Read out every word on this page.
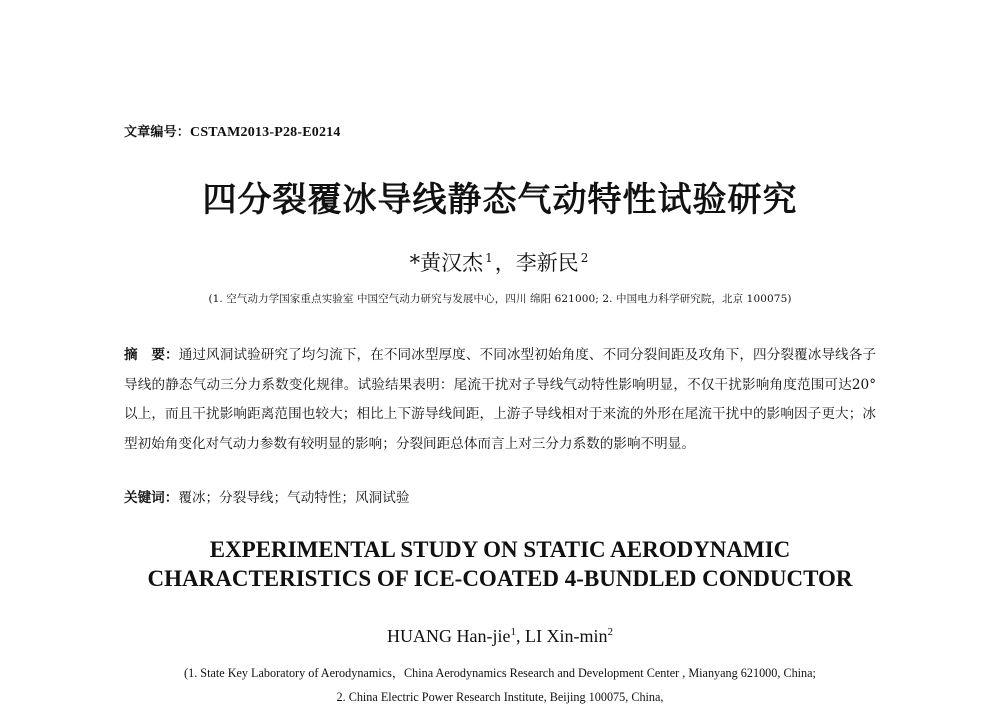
文章编号：CSTAM2013-P28-E0214
四分裂覆冰导线静态气动特性试验研究
*黄汉杰 $^1$，李新民 $^2$
(1. 空气动力学国家重点实验室 中国空气动力研究与发展中心，四川 绵阳 621000; 2. 中国电力科学研究院，北京 100075)
摘　要：通过风洞试验研究了均匀流下，在不同冰型厚度、不同冰型初始角度、不同分裂间距及攻角下，四分裂覆冰导线各子导线的静态气动三分力系数变化规律。试验结果表明：尾流干扰对子导线气动特性影响明显，不仅干扰影响角度范围可达20°以上，而且干扰影响距离范围也较大；相比上下游导线间距，上游子导线相对于来流的外形在尾流干扰中的影响因子更大；冰型初始角变化对气动力参数有较明显的影响；分裂间距总体而言上对三分力系数的影响不明显。
关键词：覆冰；分裂导线；气动特性；风洞试验
EXPERIMENTAL STUDY ON STATIC AERODYNAMIC
CHARACTERISTICS OF ICE-COATED 4-BUNDLED CONDUCTOR
HUANG Han-jie$^1$, LI Xin-$\min^2$
(1. State Key Laboratory of Aerodynamics，China Aerodynamics Research and Development Center , Mianyang 621000, China;
2. China Electric Power Research Institute, Beijing 100075, China,
